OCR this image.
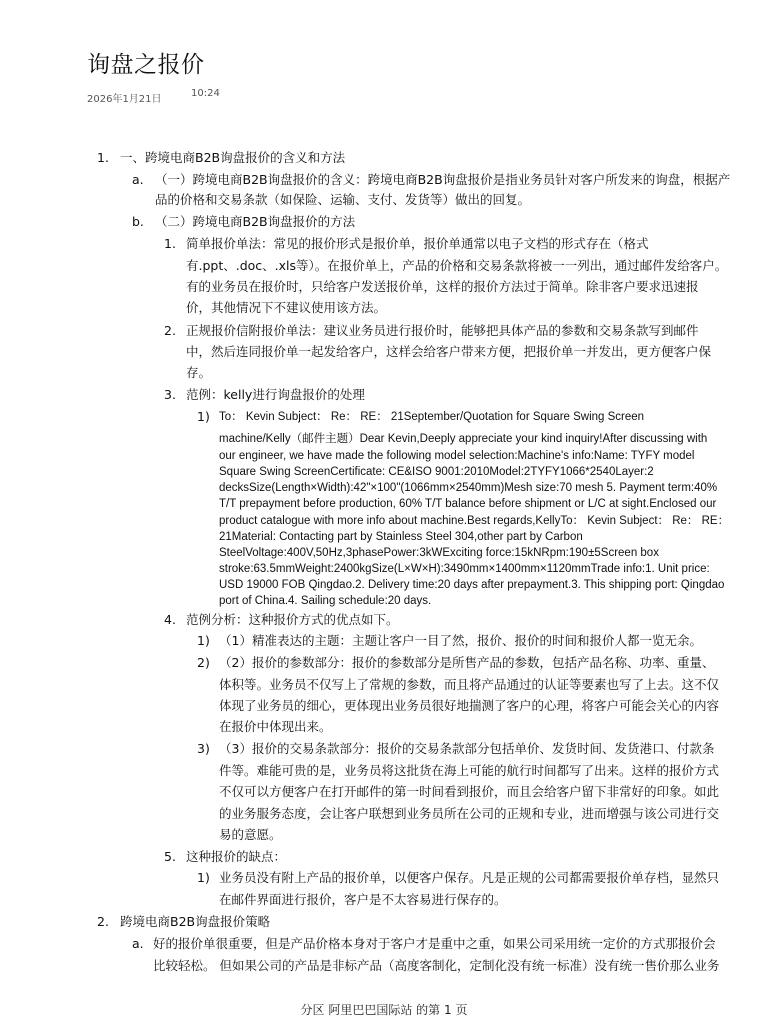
询盘之报价
2026年1月21日
10:24
1. 一、跨境电商B2B询盘报价的含义和方法
a. （一）跨境电商B2B询盘报价的含义：跨境电商B2B询盘报价是指业务员针对客户所发来的询盘，根据产
品的价格和交易条款（如保险、运输、支付、发货等）做出的回复。
b. （二）跨境电商B2B询盘报价的方法
1. 简单报价单法：常见的报价形式是报价单，报价单通常以电子文档的形式存在（格式
有.ppt、.doc、.xls等）。在报价单上，产品的价格和交易条款将被一一列出，通过邮件发给客户。
有的业务员在报价时，只给客户发送报价单，这样的报价方法过于简单。除非客户要求迅速报
价，其他情况下不建议使用该方法。
2. 正规报价信附报价单法：建议业务员进行报价时，能够把具体产品的参数和交易条款写到邮件
中，然后连同报价单一起发给客户，这样会给客户带来方便，把报价单一并发出，更方便客户保
存。
3. 范例：kelly进行询盘报价的处理
1) To： Kevin Subject： Re： RE： 21September/Quotation for Square Swing Screen
machine/Kelly（邮件主题）Dear Kevin,Deeply appreciate your kind inquiry!After discussing with
our engineer, we have made the following model selection:Machine's info:Name: TYFY model
Square Swing ScreenCertificate: CE&ISO 9001:2010Model:2TYFY1066*2540Layer:2
decksSize(Length×Width):42"×100"(1066mm×2540mm)Mesh size:70 mesh 5. Payment term:40%
T/T prepayment before production, 60% T/T balance before shipment or L/C at sight.Enclosed our
product catalogue with more info about machine.Best regards,KellyTo： Kevin Subject： Re： RE：
21Material: Contacting part by Stainless Steel 304,other part by Carbon
SteelVoltage:400V,50Hz,3phasePower:3kWExciting force:15kNRpm:190±5Screen box
stroke:63.5mmWeight:2400kgSize(L×W×H):3490mm×1400mm×1120mmTrade info:1. Unit price:
USD 19000 FOB Qingdao.2. Delivery time:20 days after prepayment.3. This shipping port: Qingdao
port of China.4. Sailing schedule:20 days.
4. 范例分析：这种报价方式的优点如下。
1) （1）精准表达的主题：主题让客户一目了然，报价、报价的时间和报价人都一览无余。
2) （2）报价的参数部分：报价的参数部分是所售产品的参数，包括产品名称、功率、重量、
体积等。业务员不仅写上了常规的参数，而且将产品通过的认证等要素也写了上去。这不仅
体现了业务员的细心，更体现出业务员很好地揣测了客户的心理，将客户可能会关心的内容
在报价中体现出来。
3) （3）报价的交易条款部分：报价的交易条款部分包括单价、发货时间、发货港口、付款条
件等。难能可贵的是，业务员将这批货在海上可能的航行时间都写了出来。这样的报价方式
不仅可以方便客户在打开邮件的第一时间看到报价，而且会给客户留下非常好的印象。如此
的业务服务态度，会让客户联想到业务员所在公司的正规和专业，进而增强与该公司进行交
易的意愿。
5. 这种报价的缺点：
1) 业务员没有附上产品的报价单，以便客户保存。凡是正规的公司都需要报价单存档，显然只
在邮件界面进行报价，客户是不太容易进行保存的。
2. 跨境电商B2B询盘报价策略
a. 好的报价单很重要，但是产品价格本身对于客户才是重中之重，如果公司采用统一定价的方式那报价会
比较轻松。 但如果公司的产品是非标产品（高度客制化，定制化没有统一标准）没有统一售价那么业务
分区 阿里巴巴国际站 的第 1 页
